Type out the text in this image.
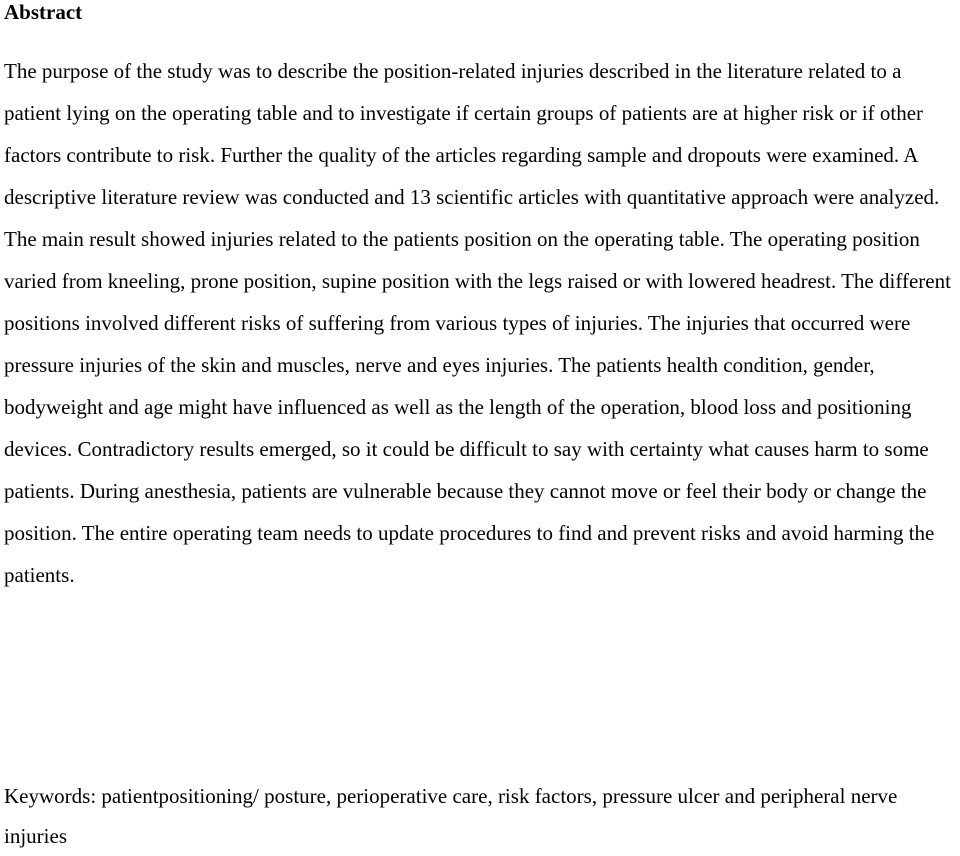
Abstract

The purpose of the study was to describe the position-related injuries described in the literature related to a patient lying on the operating table and to investigate if certain groups of patients are at higher risk or if other factors contribute to risk. Further the quality of the articles regarding sample and dropouts were examined. A descriptive literature review was conducted and 13 scientific articles with quantitative approach were analyzed. The main result showed injuries related to the patients position on the operating table. The operating position varied from kneeling, prone position, supine position with the legs raised or with lowered headrest. The different positions involved different risks of suffering from various types of injuries. The injuries that occurred were pressure injuries of the skin and muscles, nerve and eyes injuries. The patients health condition, gender, bodyweight and age might have influenced as well as the length of the operation, blood loss and positioning devices. Contradictory results emerged, so it could be difficult to say with certainty what causes harm to some patients. During anesthesia, patients are vulnerable because they cannot move or feel their body or change the position. The entire operating team needs to update procedures to find and prevent risks and avoid harming the patients.

Keywords: patientpositioning/ posture, perioperative care, risk factors, pressure ulcer and peripheral nerve injuries
